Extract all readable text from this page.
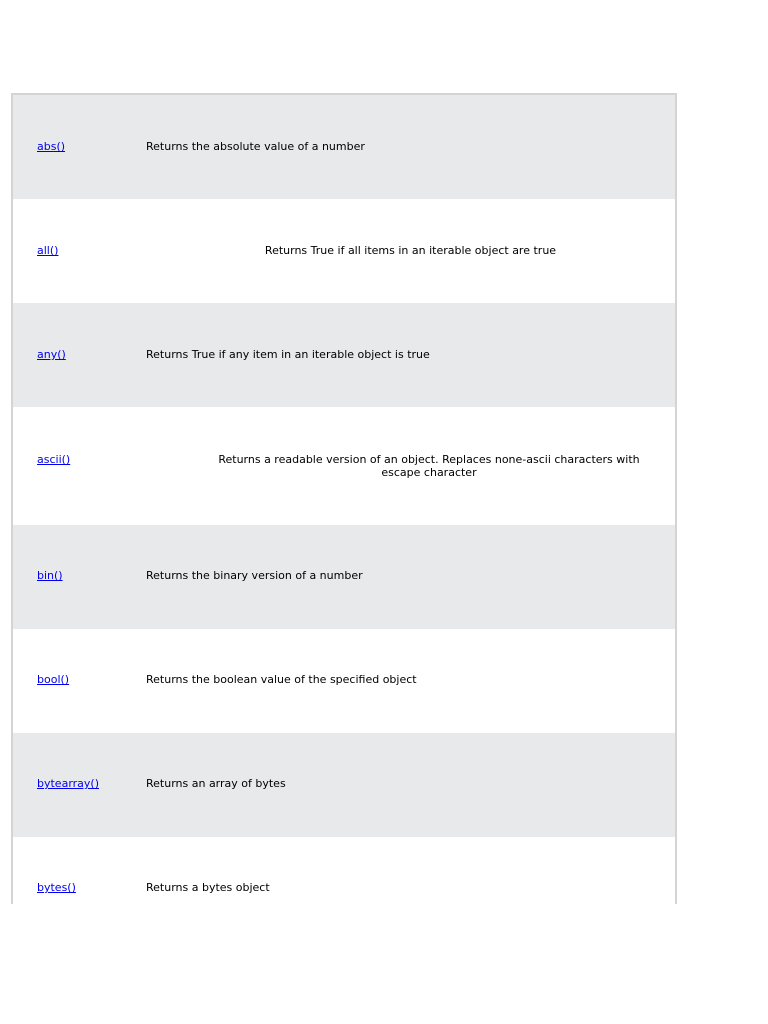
abs()	Returns the absolute value of a number
all()	Returns True if all items in an iterable object are true
any()	Returns True if any item in an iterable object is true
ascii()	Returns a readable version of an object. Replaces none-ascii characters with escape character
bin()	Returns the binary version of a number
bool()	Returns the boolean value of the specified object
bytearray()	Returns an array of bytes
bytes()	Returns a bytes object
